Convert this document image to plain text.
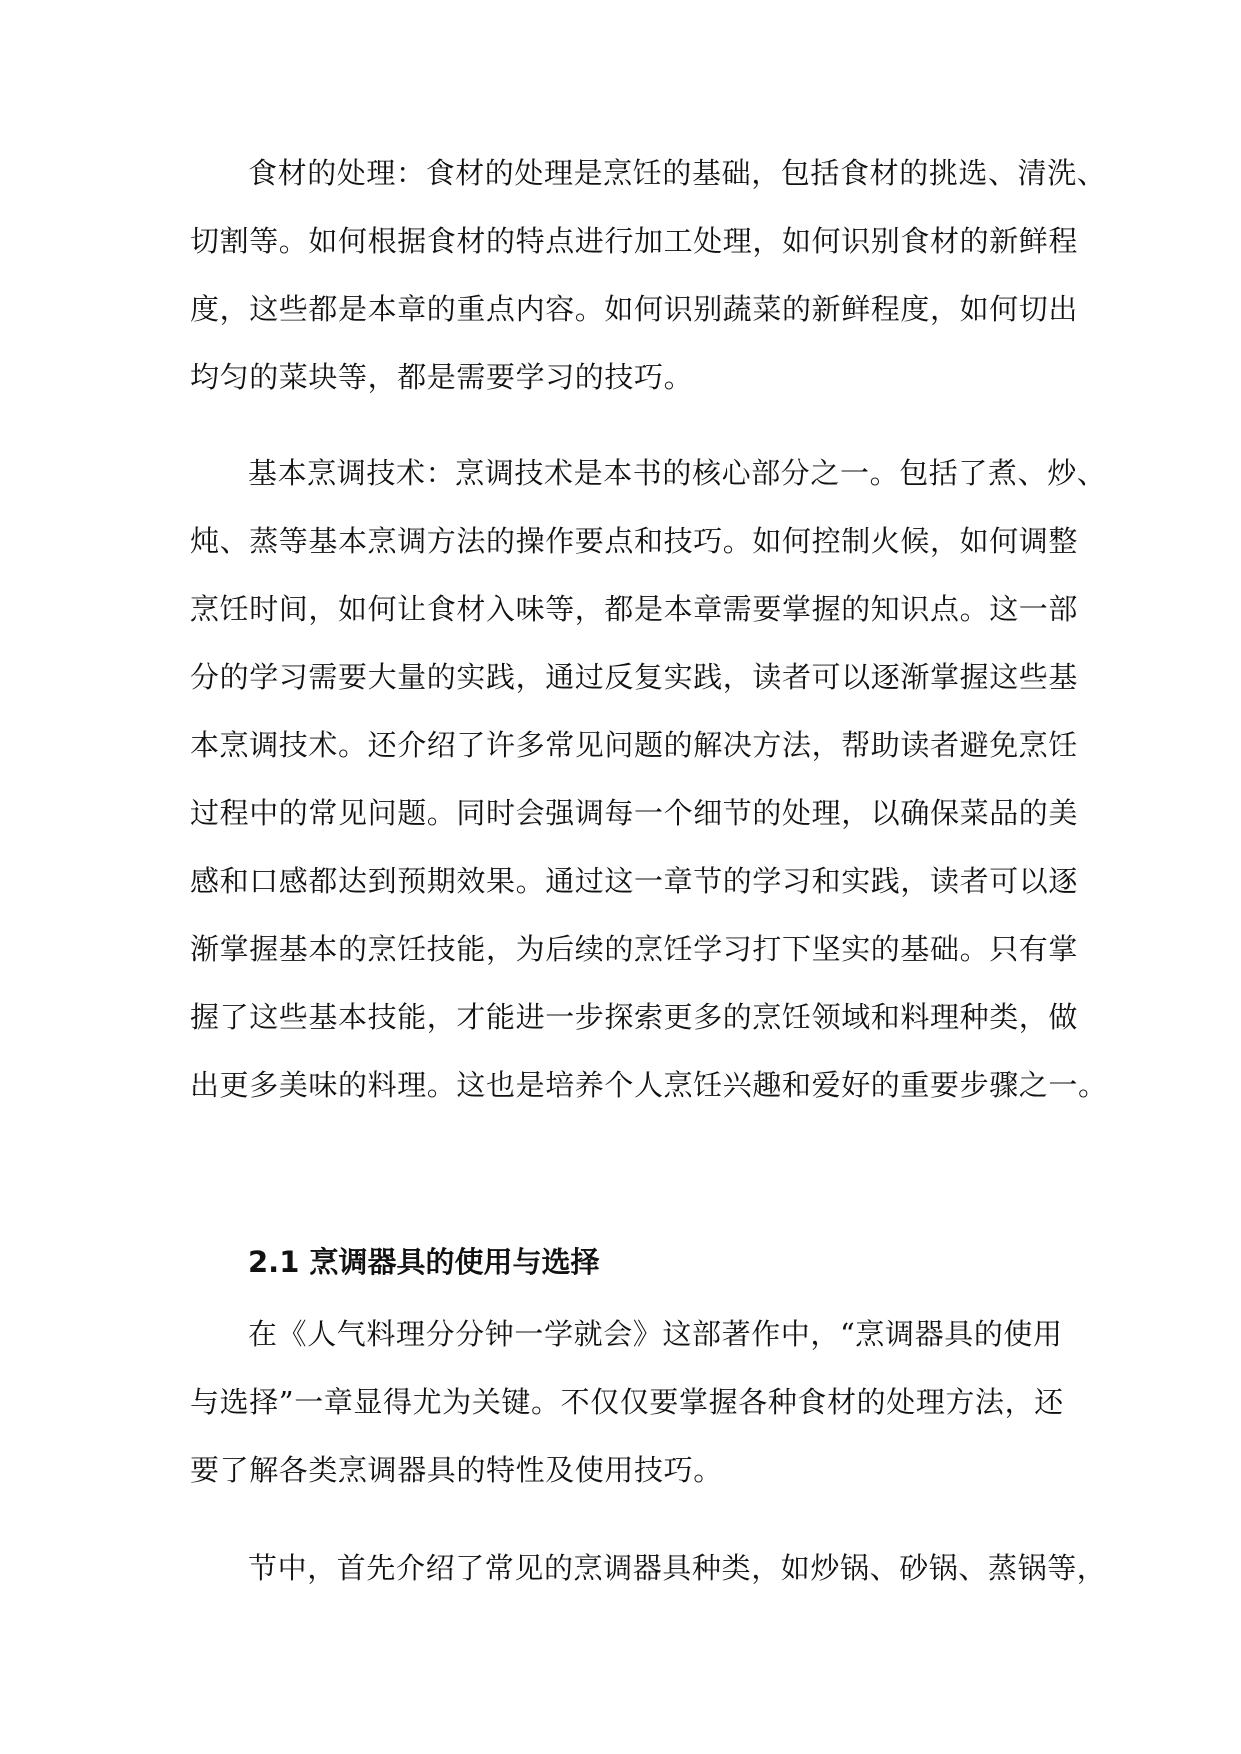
食材的处理：食材的处理是烹饪的基础，包括食材的挑选、清洗、
切割等。如何根据食材的特点进行加工处理，如何识别食材的新鲜程
度，这些都是本章的重点内容。如何识别蔬菜的新鲜程度，如何切出
均匀的菜块等，都是需要学习的技巧。
基本烹调技术：烹调技术是本书的核心部分之一。包括了煮、炒、
炖、蒸等基本烹调方法的操作要点和技巧。如何控制火候，如何调整
烹饪时间，如何让食材入味等，都是本章需要掌握的知识点。这一部
分的学习需要大量的实践，通过反复实践，读者可以逐渐掌握这些基
本烹调技术。还介绍了许多常见问题的解决方法，帮助读者避免烹饪
过程中的常见问题。同时会强调每一个细节的处理，以确保菜品的美
感和口感都达到预期效果。通过这一章节的学习和实践，读者可以逐
渐掌握基本的烹饪技能，为后续的烹饪学习打下坚实的基础。只有掌
握了这些基本技能，才能进一步探索更多的烹饪领域和料理种类，做
出更多美味的料理。这也是培养个人烹饪兴趣和爱好的重要步骤之一。
2.1 烹调器具的使用与选择
在《人气料理分分钟一学就会》这部著作中，“烹调器具的使用
与选择”一章显得尤为关键。不仅仅要掌握各种食材的处理方法，还
要了解各类烹调器具的特性及使用技巧。
节中，首先介绍了常见的烹调器具种类，如炒锅、砂锅、蒸锅等，
